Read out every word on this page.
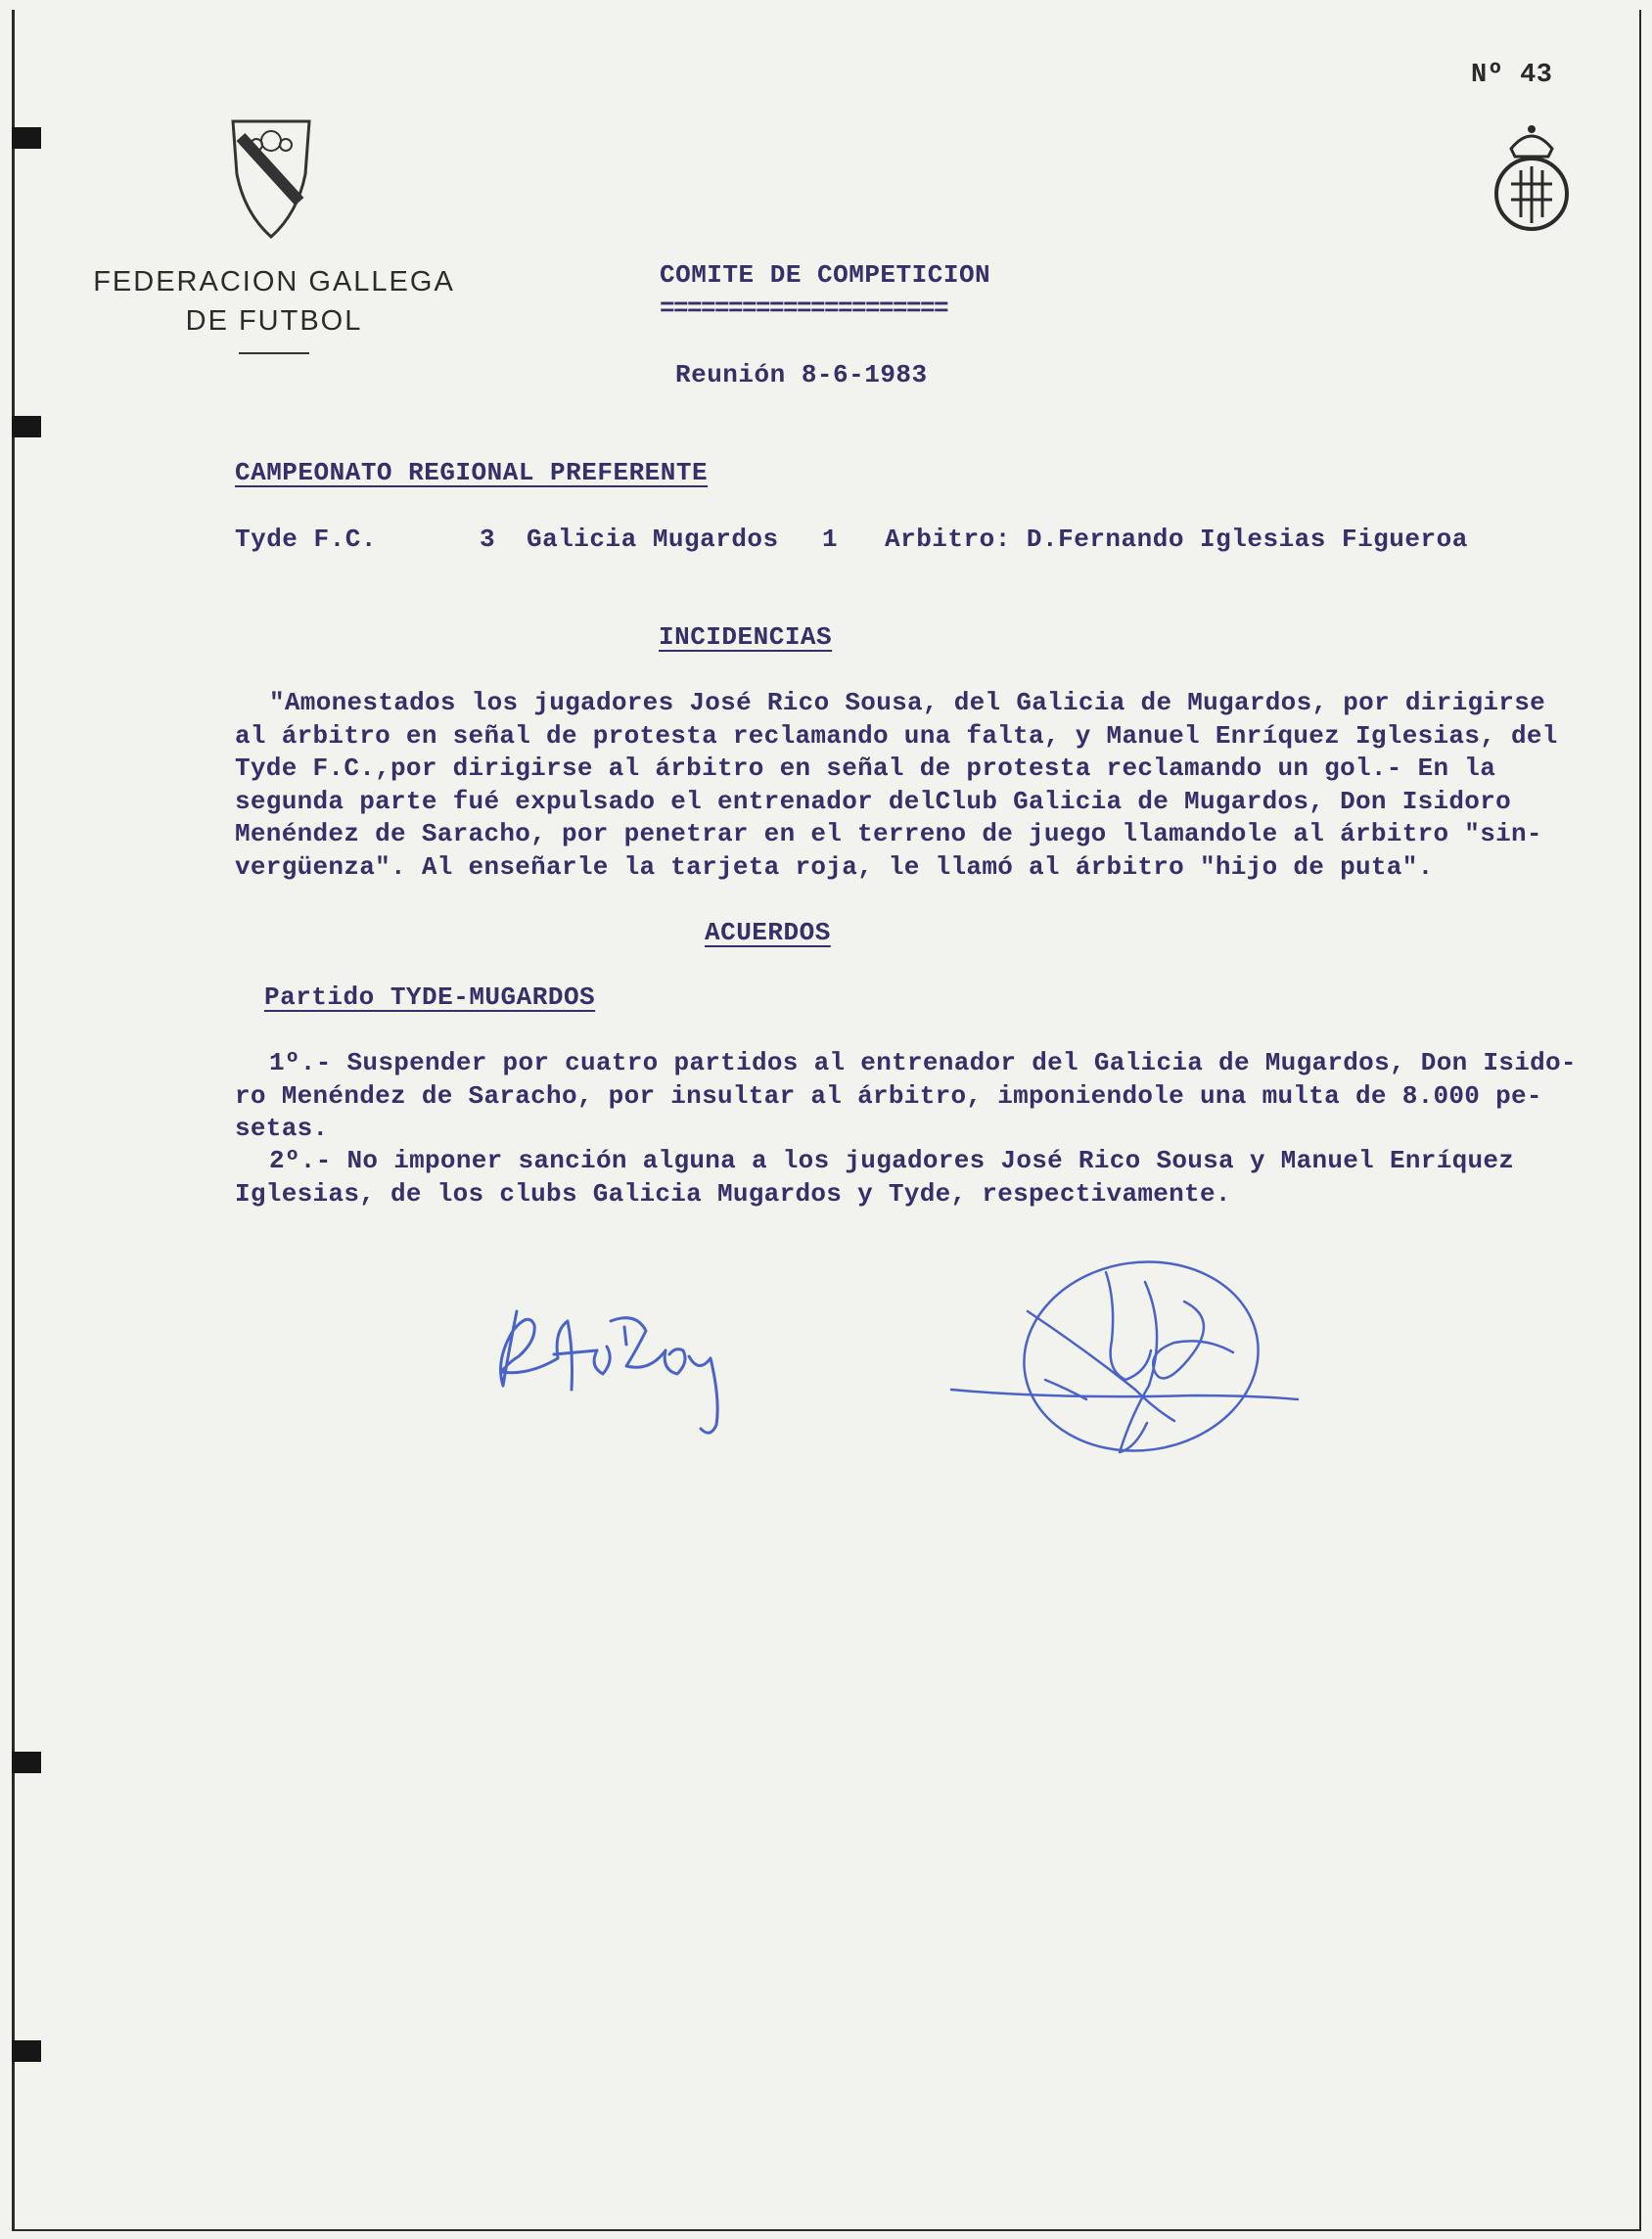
FEDERACION GALLEGA
DE FUTBOL
Nº 43
COMITE DE COMPETICION
=====================
Reunión 8-6-1983
CAMPEONATO REGIONAL PREFERENTE
Tyde F.C.	3 Galicia Mugardos 1 Arbitro: D.Fernando Iglesias Figueroa
INCIDENCIAS
"Amonestados los jugadores José Rico Sousa, del Galicia de Mugardos, por dirigirse
al árbitro en señal de protesta reclamando una falta, y Manuel Enríquez Iglesias, del
Tyde F.C.,por dirigirse al árbitro en señal de protesta reclamando un gol.- En la
segunda parte fué expulsado el entrenador delClub Galicia de Mugardos, Don Isidoro
Menéndez de Saracho, por penetrar en el terreno de juego llamandole al árbitro "sin-
vergüenza". Al enseñarle la tarjeta roja, le llamó al árbitro "hijo de puta".
ACUERDOS
Partido TYDE-MUGARDOS
1º.- Suspender por cuatro partidos al entrenador del Galicia de Mugardos, Don Isido-
ro Menéndez de Saracho, por insultar al árbitro, imponiendole una multa de 8.000 pe-
setas.
2º.- No imponer sanción alguna a los jugadores José Rico Sousa y Manuel Enríquez
Iglesias, de los clubs Galicia Mugardos y Tyde, respectivamente.
